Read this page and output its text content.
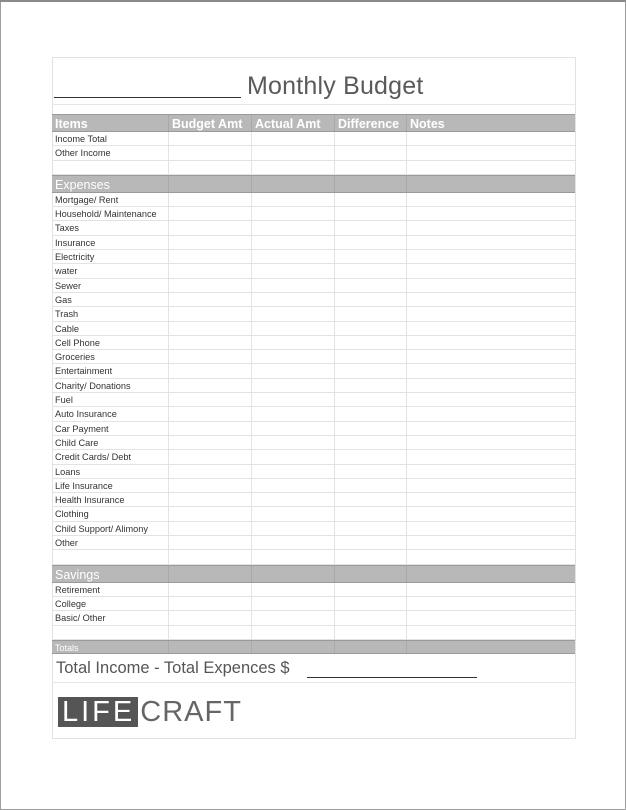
Monthly Budget
Items	Budget Amt	Actual Amt	Difference Notes
Income Total
Other Income
Expenses
Mortgage/ Rent
Household/ Maintenance
Taxes
Insurance
Electricity
water
Sewer
Gas
Trash
Cable
Cell Phone
Groceries
Entertainment
Charity/ Donations
Fuel
Auto Insurance
Car Payment
Child Care
Credit Cards/ Debt
Loans
Life Insurance
Health Insurance
Clothing
Child Support/ Alimony
Other
Savings
Retirement
College
Basic/ Other
Totals
Total Income - Total Expences $
LIFE CRAFT
